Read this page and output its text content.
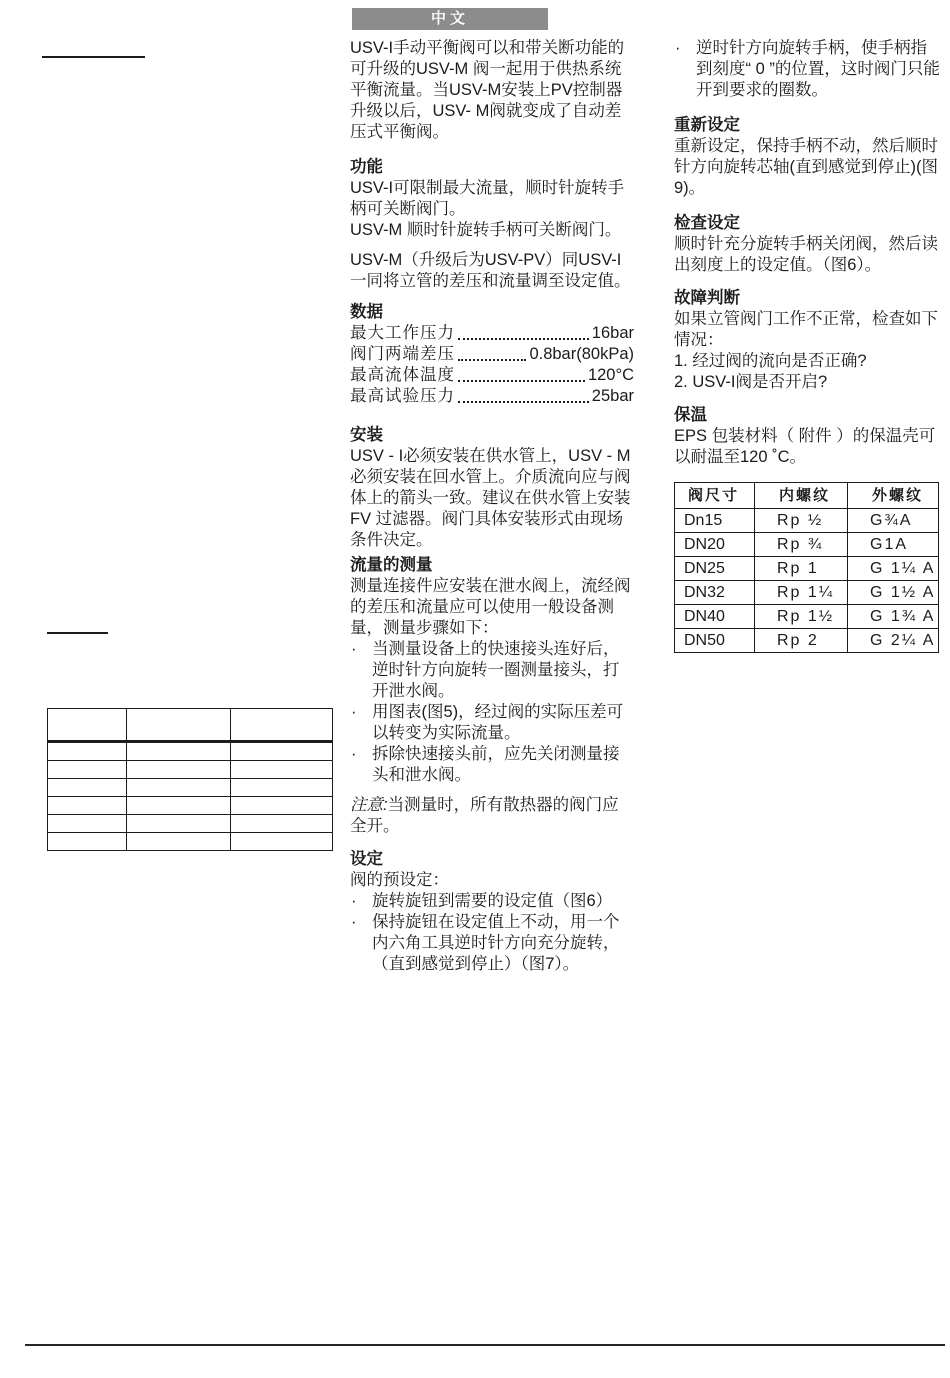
中文

USV-I手动平衡阀可以和带关断功能的可升级的USV-M 阀一起用于供热系统平衡流量。当USV-M安装上PV控制器升级以后，USV- M阀就变成了自动差压式平衡阀。

功能

USV-I可限制最大流量，顺时针旋转手柄可关断阀门。

USV-M 顺时针旋转手柄可关断阀门。

USV-M（升级后为USV-PV）同USV-I一同将立管的差压和流量调至设定值。

数据
最大工作压力	16bar
阀门两端差压	0.8bar(80kPa)
最高流体温度	120°C
最高试验压力	25bar
安装

USV - I必须安装在供水管上，USV - M必须安装在回水管上。介质流向应与阀体上的箭头一致。建议在供水管上安装 FV 过滤器。阀门具体安装形式由现场条件决定。

流量的测量

测量连接件应安装在泄水阀上，流经阀的差压和流量应可以使用一般设备测量，测量步骤如下：

· 当测量设备上的快速接头连好后，逆时针方向旋转一圈测量接头，打开泄水阀。
· 用图表(图5)，经过阀的实际压差可以转变为实际流量。
· 拆除快速接头前，应先关闭测量接头和泄水阀。

注意:当测量时，所有散热器的阀门应全开。

设定

阀的预设定：

· 旋转旋钮到需要的设定值（图6）
· 保持旋钮在设定值上不动，用一个内六角工具逆时针方向充分旋转，（直到感觉到停止）（图7）。
· 逆时针方向旋转手柄，使手柄指到刻度“ 0 ”的位置，这时阀门只能开到要求的圈数。
重新设定

重新设定，保持手柄不动，然后顺时针方向旋转芯轴(直到感觉到停止)(图9)。

检查设定

顺时针充分旋转手柄关闭阀，然后读出刻度上的设定值。（图6）。

故障判断

如果立管阀门工作不正常，检查如下情况：

1. 经过阀的流向是否正确?

2. USV-I阀是否开启?

保温

EPS 包装材料（ 附件 ）的保温壳可以耐温至120 ˚C。

阀尺寸	内螺纹	外螺纹
Dn15	Rp ½	G¾A
DN20	Rp ¾	G1A
DN25	Rp 1	G 1¼ A
DN32	Rp 1¼	G 1½ A
DN40	Rp 1½	G 1¾ A
DN50	Rp 2	G 2¼ A
